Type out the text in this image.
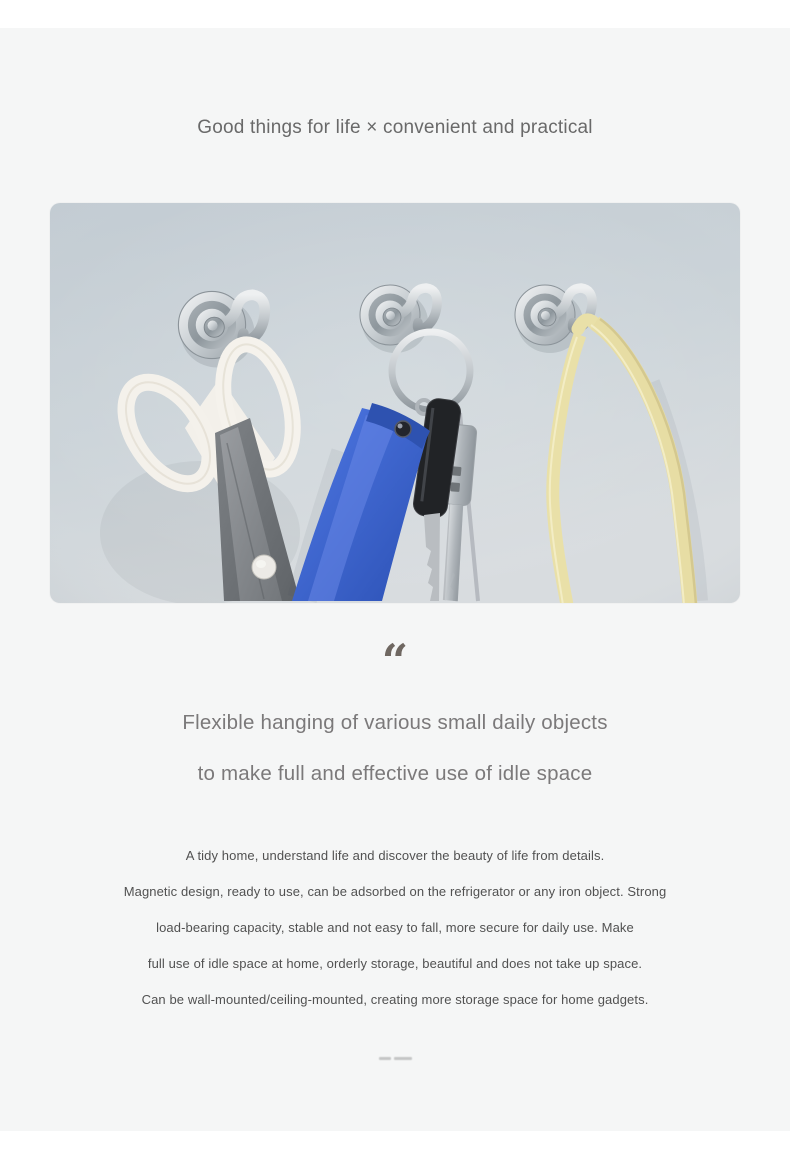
Good things for life × convenient and practical
“
Flexible hanging of various small daily objects
to make full and effective use of idle space
A tidy home, understand life and discover the beauty of life from details.
Magnetic design, ready to use, can be adsorbed on the refrigerator or any iron object. Strong
load-bearing capacity, stable and not easy to fall, more secure for daily use. Make
full use of idle space at home, orderly storage, beautiful and does not take up space.
Can be wall-mounted/ceiling-mounted, creating more storage space for home gadgets.
